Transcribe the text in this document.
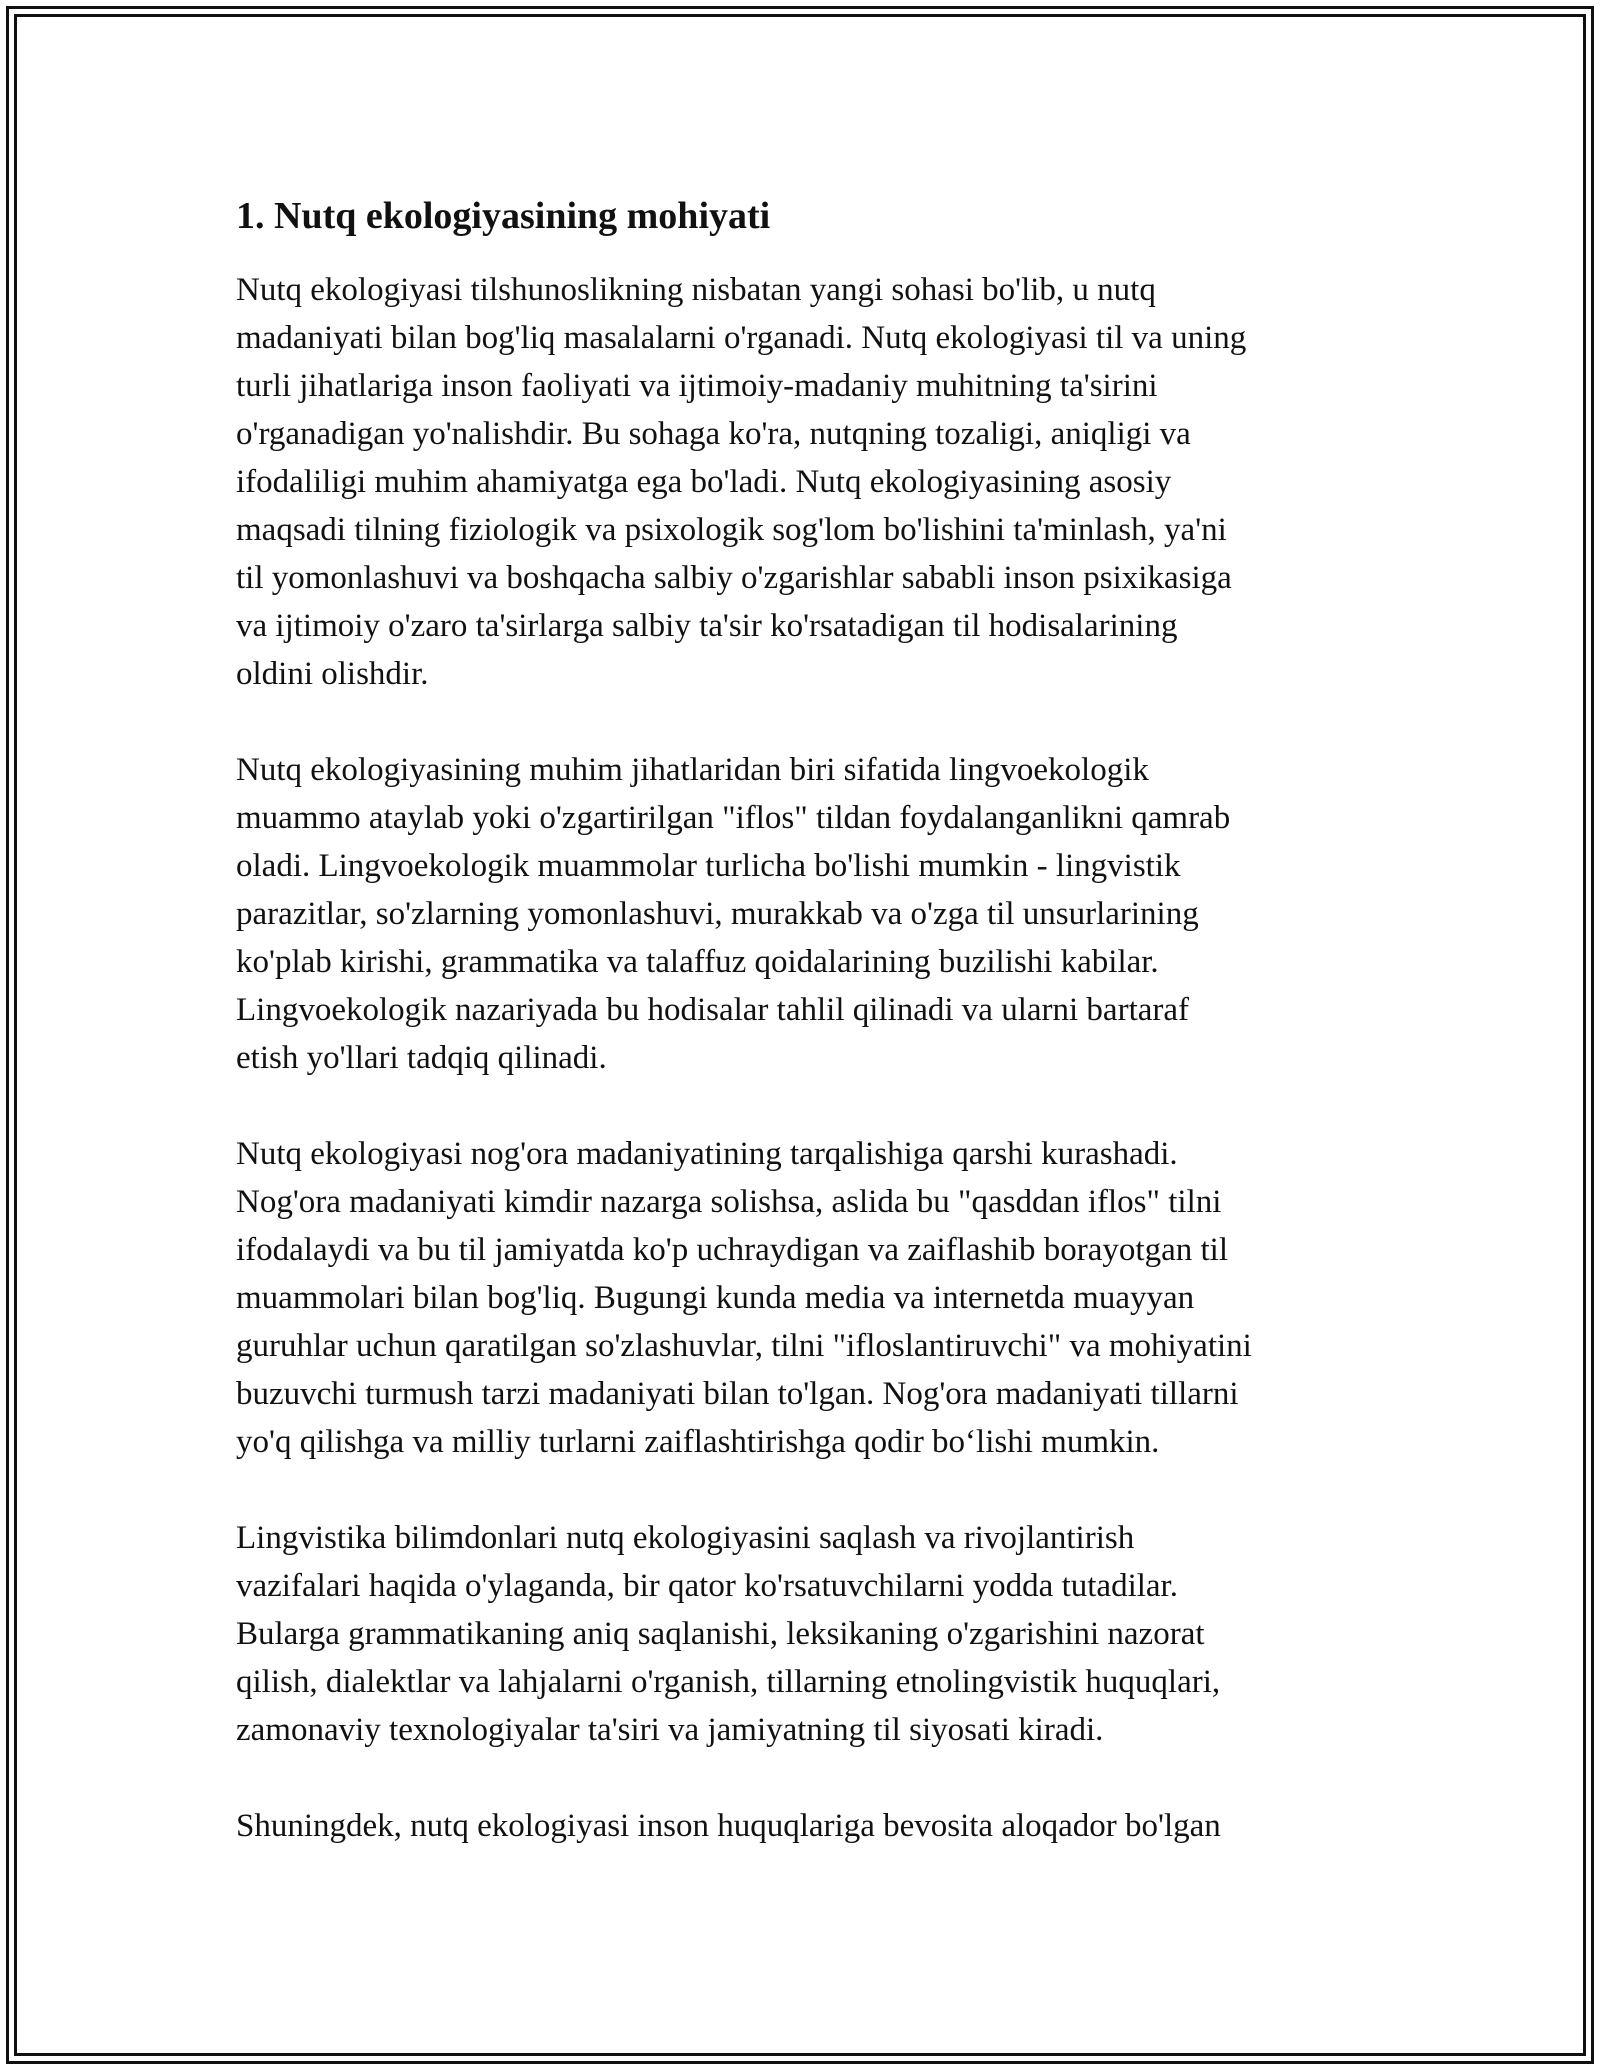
1. Nutq ekologiyasining mohiyati

Nutq ekologiyasi tilshunoslikning nisbatan yangi sohasi bo'lib, u nutq
madaniyati bilan bog'liq masalalarni o'rganadi. Nutq ekologiyasi til va uning
turli jihatlariga inson faoliyati va ijtimoiy-madaniy muhitning ta'sirini
o'rganadigan yo'nalishdir. Bu sohaga ko'ra, nutqning tozaligi, aniqligi va
ifodaliligi muhim ahamiyatga ega bo'ladi. Nutq ekologiyasining asosiy
maqsadi tilning fiziologik va psixologik sog'lom bo'lishini ta'minlash, ya'ni
til yomonlashuvi va boshqacha salbiy o'zgarishlar sababli inson psixikasiga
va ijtimoiy o'zaro ta'sirlarga salbiy ta'sir ko'rsatadigan til hodisalarining
oldini olishdir.

Nutq ekologiyasining muhim jihatlaridan biri sifatida lingvoekologik
muammo ataylab yoki o'zgartirilgan "iflos" tildan foydalanganlikni qamrab
oladi. Lingvoekologik muammolar turlicha bo'lishi mumkin - lingvistik
parazitlar, so'zlarning yomonlashuvi, murakkab va o'zga til unsurlarining
ko'plab kirishi, grammatika va talaffuz qoidalarining buzilishi kabilar.
Lingvoekologik nazariyada bu hodisalar tahlil qilinadi va ularni bartaraf
etish yo'llari tadqiq qilinadi.

Nutq ekologiyasi nog'ora madaniyatining tarqalishiga qarshi kurashadi.
Nog'ora madaniyati kimdir nazarga solishsa, aslida bu "qasddan iflos" tilni
ifodalaydi va bu til jamiyatda ko'p uchraydigan va zaiflashib borayotgan til
muammolari bilan bog'liq. Bugungi kunda media va internetda muayyan
guruhlar uchun qaratilgan so'zlashuvlar, tilni "ifloslantiruvchi" va mohiyatini
buzuvchi turmush tarzi madaniyati bilan to'lgan. Nog'ora madaniyati tillarni
yo'q qilishga va milliy turlarni zaiflashtirishga qodir bo‘lishi mumkin.

Lingvistika bilimdonlari nutq ekologiyasini saqlash va rivojlantirish
vazifalari haqida o'ylaganda, bir qator ko'rsatuvchilarni yodda tutadilar.
Bularga grammatikaning aniq saqlanishi, leksikaning o'zgarishini nazorat
qilish, dialektlar va lahjalarni o'rganish, tillarning etnolingvistik huquqlari,
zamonaviy texnologiyalar ta'siri va jamiyatning til siyosati kiradi.

Shuningdek, nutq ekologiyasi inson huquqlariga bevosita aloqador bo'lgan
